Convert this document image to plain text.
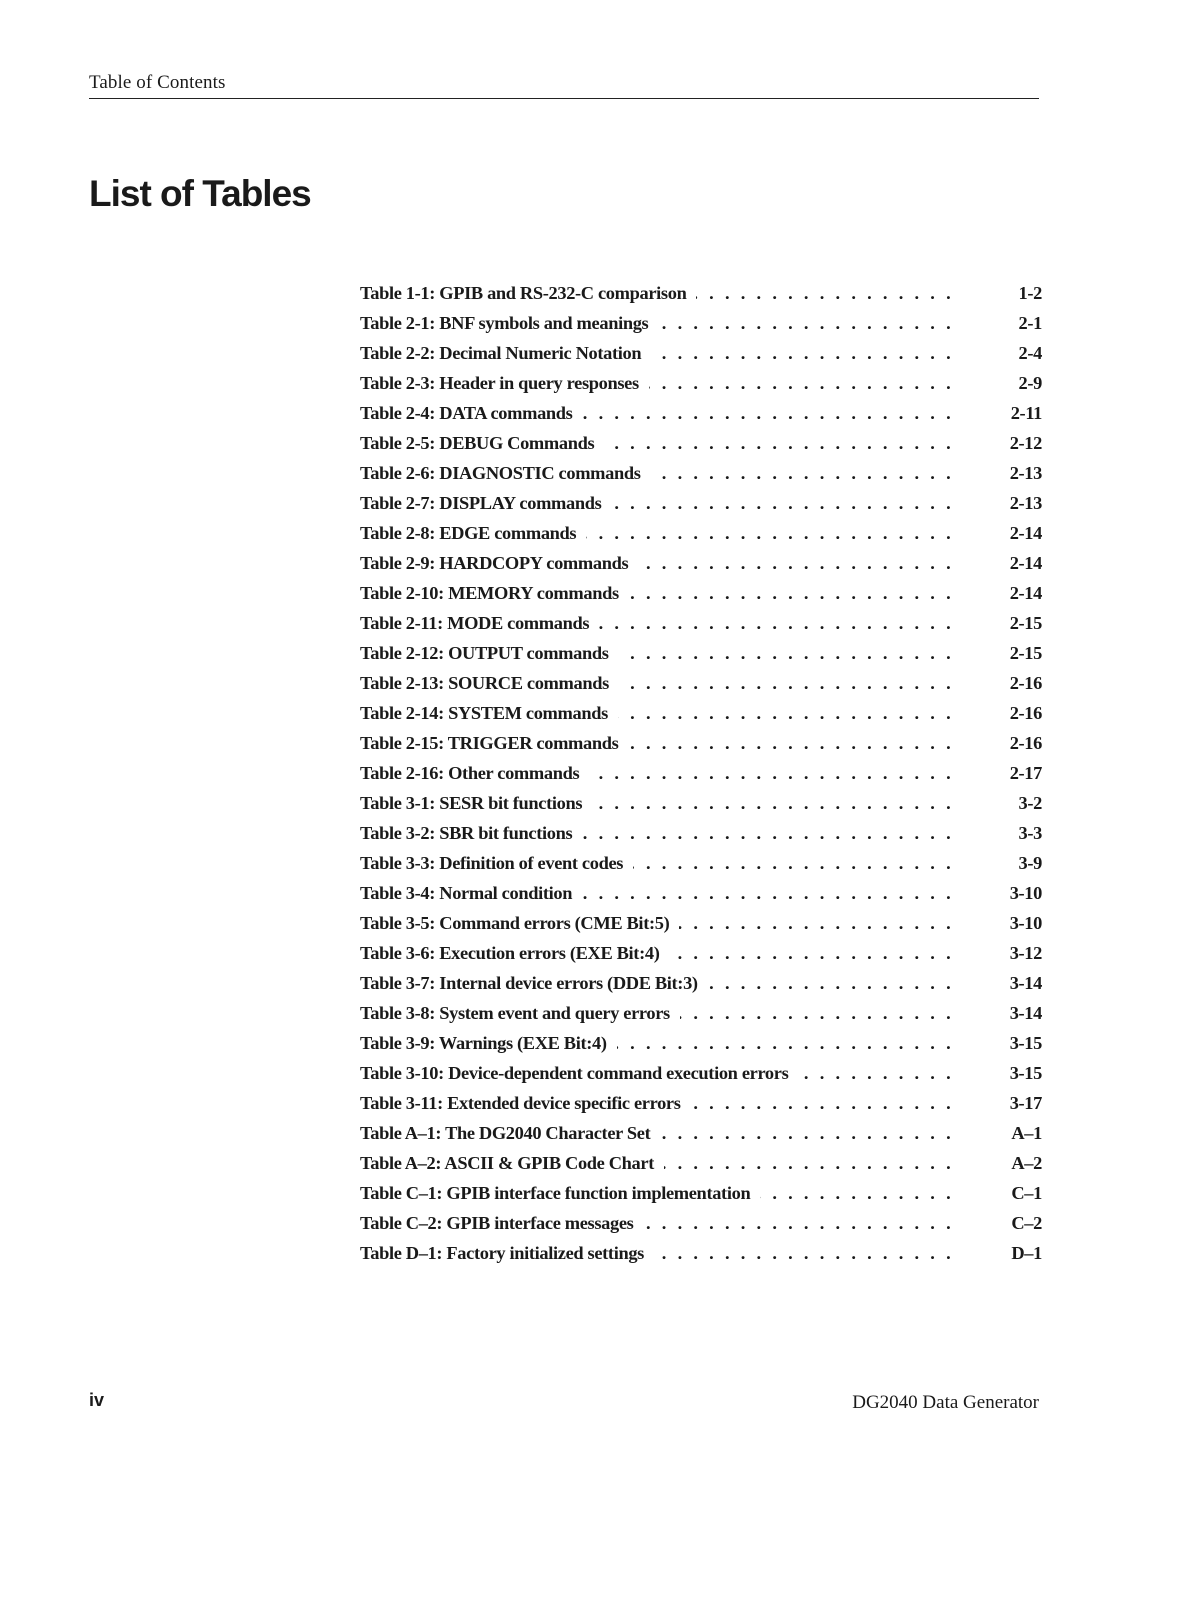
Table of Contents
List of Tables
Table 1-1: GPIB and RS-232-C comparison . . .	1-2
Table 2-1: BNF symbols and meanings . . .	2-1
Table 2-2: Decimal Numeric Notation . . .	2-4
Table 2-3: Header in query responses . . .	2-9
Table 2-4: DATA commands . . .	2-11
Table 2-5: DEBUG Commands . . .	2-12
Table 2-6: DIAGNOSTIC commands . . .	2-13
Table 2-7: DISPLAY commands . . .	2-13
Table 2-8: EDGE commands . . .	2-14
Table 2-9: HARDCOPY commands . . .	2-14
Table 2-10: MEMORY commands . . .	2-14
Table 2-11: MODE commands . . .	2-15
Table 2-12: OUTPUT commands . . .	2-15
Table 2-13: SOURCE commands . . .	2-16
Table 2-14: SYSTEM commands . . .	2-16
Table 2-15: TRIGGER commands . . .	2-16
Table 2-16: Other commands . . .	2-17
Table 3-1: SESR bit functions . . .	3-2
Table 3-2: SBR bit functions . . .	3-3
Table 3-3: Definition of event codes . . .	3-9
Table 3-4: Normal condition . . .	3-10
Table 3-5: Command errors (CME Bit:5) . . .	3-10
Table 3-6: Execution errors (EXE Bit:4) . . .	3-12
Table 3-7: Internal device errors (DDE Bit:3) . . .	3-14
Table 3-8: System event and query errors . . .	3-14
Table 3-9: Warnings (EXE Bit:4) . . .	3-15
Table 3-10: Device-dependent command execution errors . . .	3-15
Table 3-11: Extended device specific errors . . .	3-17
Table A–1: The DG2040 Character Set . . .	A–1
Table A–2: ASCII & GPIB Code Chart . . .	A–2
Table C–1: GPIB interface function implementation . . .	C–1
Table C–2: GPIB interface messages . . .	C–2
Table D–1: Factory initialized settings . . .	D–1
iv	DG2040 Data Generator
